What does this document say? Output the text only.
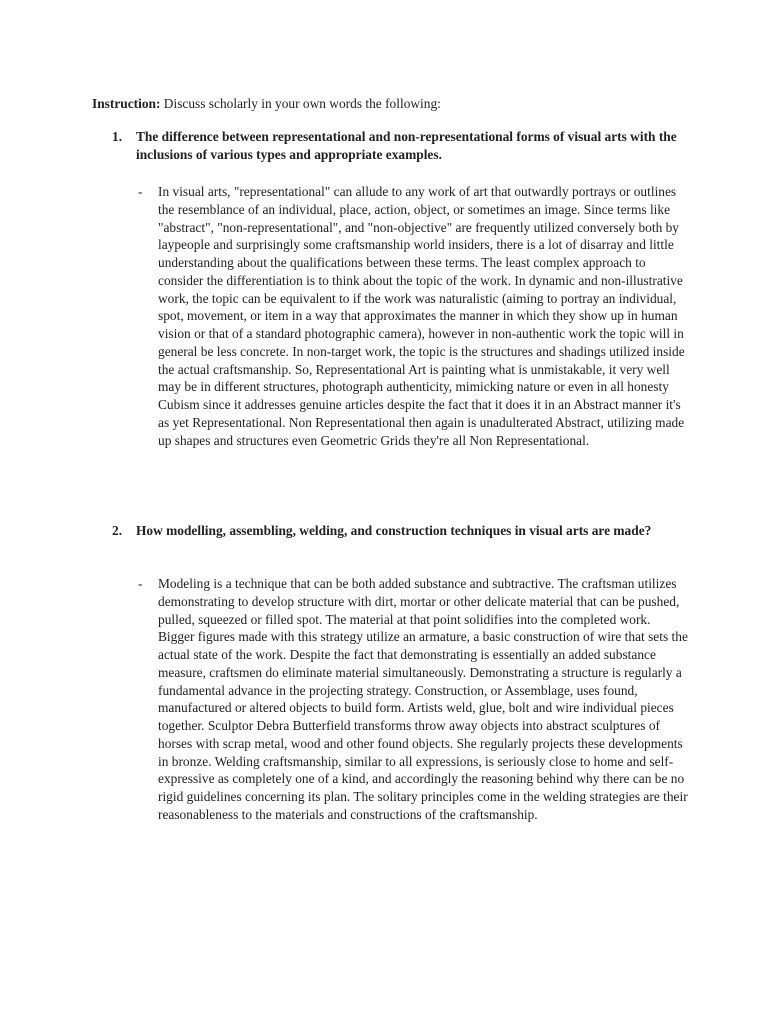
Instruction: Discuss scholarly in your own words the following:

1.	The difference between representational and non-representational forms of visual arts with the inclusions of various types and appropriate examples.

- In visual arts, "representational" can allude to any work of art that outwardly portrays or outlines the resemblance of an individual, place, action, object, or sometimes an image. Since terms like "abstract", "non-representational", and "non-objective" are frequently utilized conversely both by laypeople and surprisingly some craftsmanship world insiders, there is a lot of disarray and little understanding about the qualifications between these terms. The least complex approach to consider the differentiation is to think about the topic of the work. In dynamic and non-illustrative work, the topic can be equivalent to if the work was naturalistic (aiming to portray an individual, spot, movement, or item in a way that approximates the manner in which they show up in human vision or that of a standard photographic camera), however in non-authentic work the topic will in general be less concrete. In non-target work, the topic is the structures and shadings utilized inside the actual craftsmanship. So, Representational Art is painting what is unmistakable, it very well may be in different structures, photograph authenticity, mimicking nature or even in all honesty Cubism since it addresses genuine articles despite the fact that it does it in an Abstract manner it's as yet Representational. Non Representational then again is unadulterated Abstract, utilizing made up shapes and structures even Geometric Grids they're all Non Representational.

2.	How modelling, assembling, welding, and construction techniques in visual arts are made?

- Modeling is a technique that can be both added substance and subtractive. The craftsman utilizes demonstrating to develop structure with dirt, mortar or other delicate material that can be pushed, pulled, squeezed or filled spot. The material at that point solidifies into the completed work. Bigger figures made with this strategy utilize an armature, a basic construction of wire that sets the actual state of the work. Despite the fact that demonstrating is essentially an added substance measure, craftsmen do eliminate material simultaneously. Demonstrating a structure is regularly a fundamental advance in the projecting strategy. Construction, or Assemblage, uses found, manufactured or altered objects to build form. Artists weld, glue, bolt and wire individual pieces together. Sculptor Debra Butterfield transforms throw away objects into abstract sculptures of horses with scrap metal, wood and other found objects. She regularly projects these developments in bronze. Welding craftsmanship, similar to all expressions, is seriously close to home and self-expressive as completely one of a kind, and accordingly the reasoning behind why there can be no rigid guidelines concerning its plan. The solitary principles come in the welding strategies are their reasonableness to the materials and constructions of the craftsmanship.
